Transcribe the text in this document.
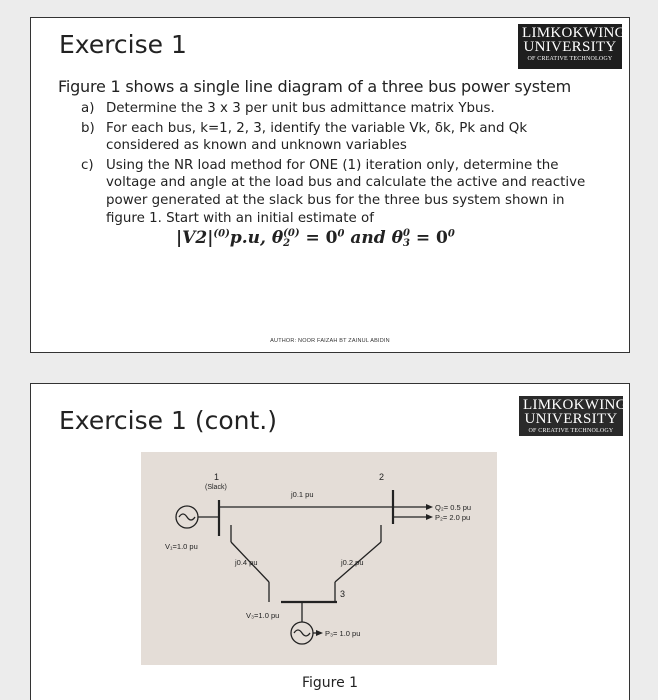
Exercise 1	LIMKOKWING
UNIVERSITY
OF CREATIVE TECHNOLOGY
Figure 1 shows a single line diagram of a three bus power system
a) Determine the 3 x 3 per unit bus admittance matrix Ybus.
b) For each bus, k=1, 2, 3, identify the variable Vk, δk, Pk and Qk considered as known and unknown variables
c) Using the NR load method for ONE (1) iteration only, determine the voltage and angle at the load bus and calculate the active and reactive power generated at the slack bus for the three bus system shown in figure 1. Start with an initial estimate of
$|V2|^{(0)}p.u$, θ (0)
$2 = 0^0$ and θ 0
$3 = 0^0$
AUTHOR: NOOR FAIZAH BT ZAINUL ABIDIN
Exercise 1 (cont.)
LIMKOKWING
UNIVERSITY
OF CREATIVE TECHNOLOGY
1
(Slack)
2
3
V₁=1.0 pu
V₃=1.0 pu
j0.1 pu
j0.4 pu	j0.2 pu
Q₂= 0.5 pu
P₂= 2.0 pu
P₃= 1.0 pu
Figure 1
